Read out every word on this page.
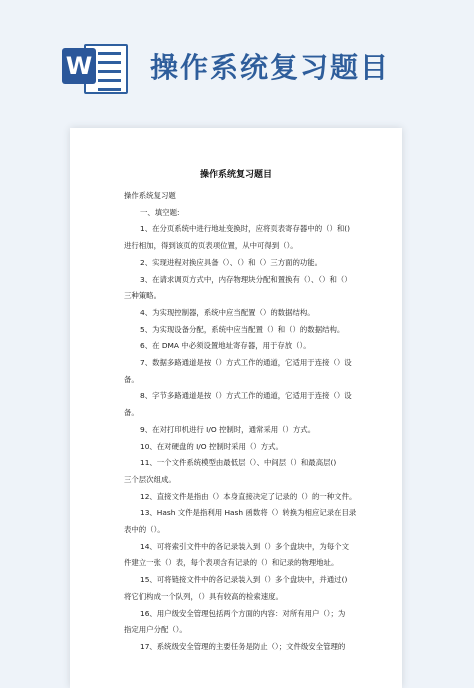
W 操作系统复习题目
操作系统复习题目

操作系统复习题

一、填空题:

1、在分页系统中进行地址变换时，应将页表寄存器中的（）和()

进行相加，得到该页的页表项位置，从中可得到（）。

2、实现进程对换应具备（）、（）和（）三方面的功能。

3、在请求调页方式中，内存物理块分配和置换有（）、（）和（）

三种策略。

4、为实现控制器，系统中应当配置（）的数据结构。

5、为实现设备分配，系统中应当配置（）和（）的数据结构。

6、在 DMA 中必须设置地址寄存器，用于存放（）。

7、数据多路通道是按（）方式工作的通道，它适用于连接（）设

备。

8、字节多路通道是按（）方式工作的通道，它适用于连接（）设

备。

9、在对打印机进行 I/O 控制时，通常采用（）方式。

10、在对硬盘的 I/O 控制时采用（）方式。

11、一个文件系统模型由最低层（）、中间层（）和最高层()

三个层次组成。

12、直接文件是指由（）本身直接决定了记录的（）的一种文件。

13、Hash 文件是指利用 Hash 函数将（）转换为相应记录在目录

表中的（）。

14、可将索引文件中的各记录装入到（）多个盘块中，为每个文

件建立一张（）表，每个表项含有记录的（）和记录的物理地址。

15、可将链接文件中的各记录装入到（）多个盘块中，并通过()

将它们构成一个队列，（）具有较高的检索速度。

16、用户级安全管理包括两个方面的内容：对所有用户（）；为

指定用户分配（）。

17、系统级安全管理的主要任务是防止（）；文件级安全管理的
